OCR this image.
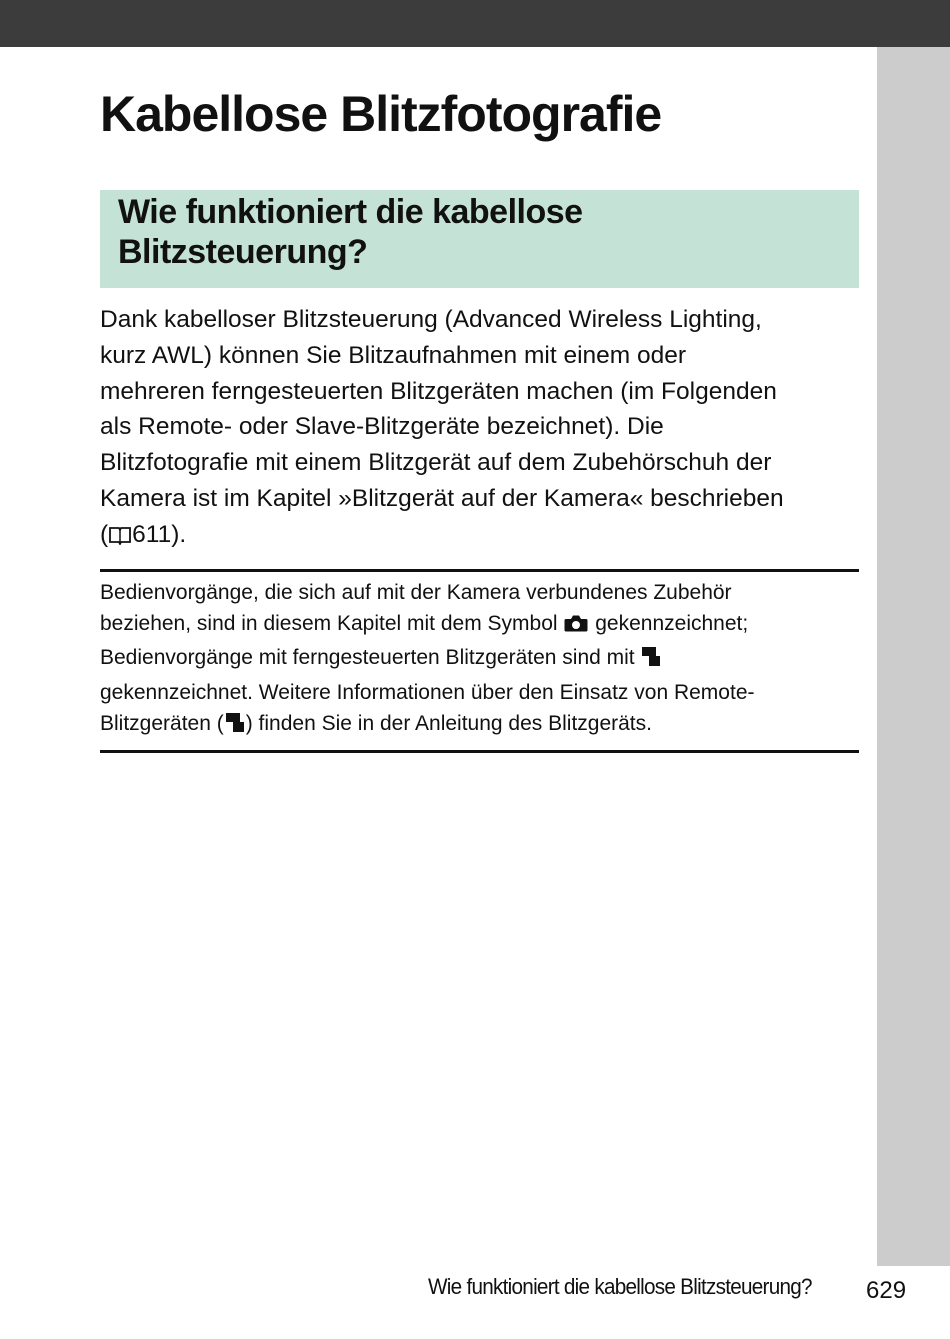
Kabellose Blitzfotografie
Wie funktioniert die kabellose
Blitzsteuerung?

Dank kabelloser Blitzsteuerung (Advanced Wireless Lighting,
kurz AWL) können Sie Blitzaufnahmen mit einem oder
mehreren ferngesteuerten Blitzgeräten machen (im Folgenden
als Remote- oder Slave-Blitzgeräte bezeichnet). Die
Blitzfotografie mit einem Blitzgerät auf dem Zubehörschuh der
Kamera ist im Kapitel »Blitzgerät auf der Kamera« beschrieben
( 611).

Bedienvorgänge, die sich auf mit der Kamera verbundenes Zubehör
beziehen, sind in diesem Kapitel mit dem Symbol  gekennzeichnet;
Bedienvorgänge mit ferngesteuerten Blitzgeräten sind mit
gekennzeichnet. Weitere Informationen über den Einsatz von Remote-
Blitzgeräten ( ) finden Sie in der Anleitung des Blitzgeräts.

Wie funktioniert die kabellose Blitzsteuerung? 629
